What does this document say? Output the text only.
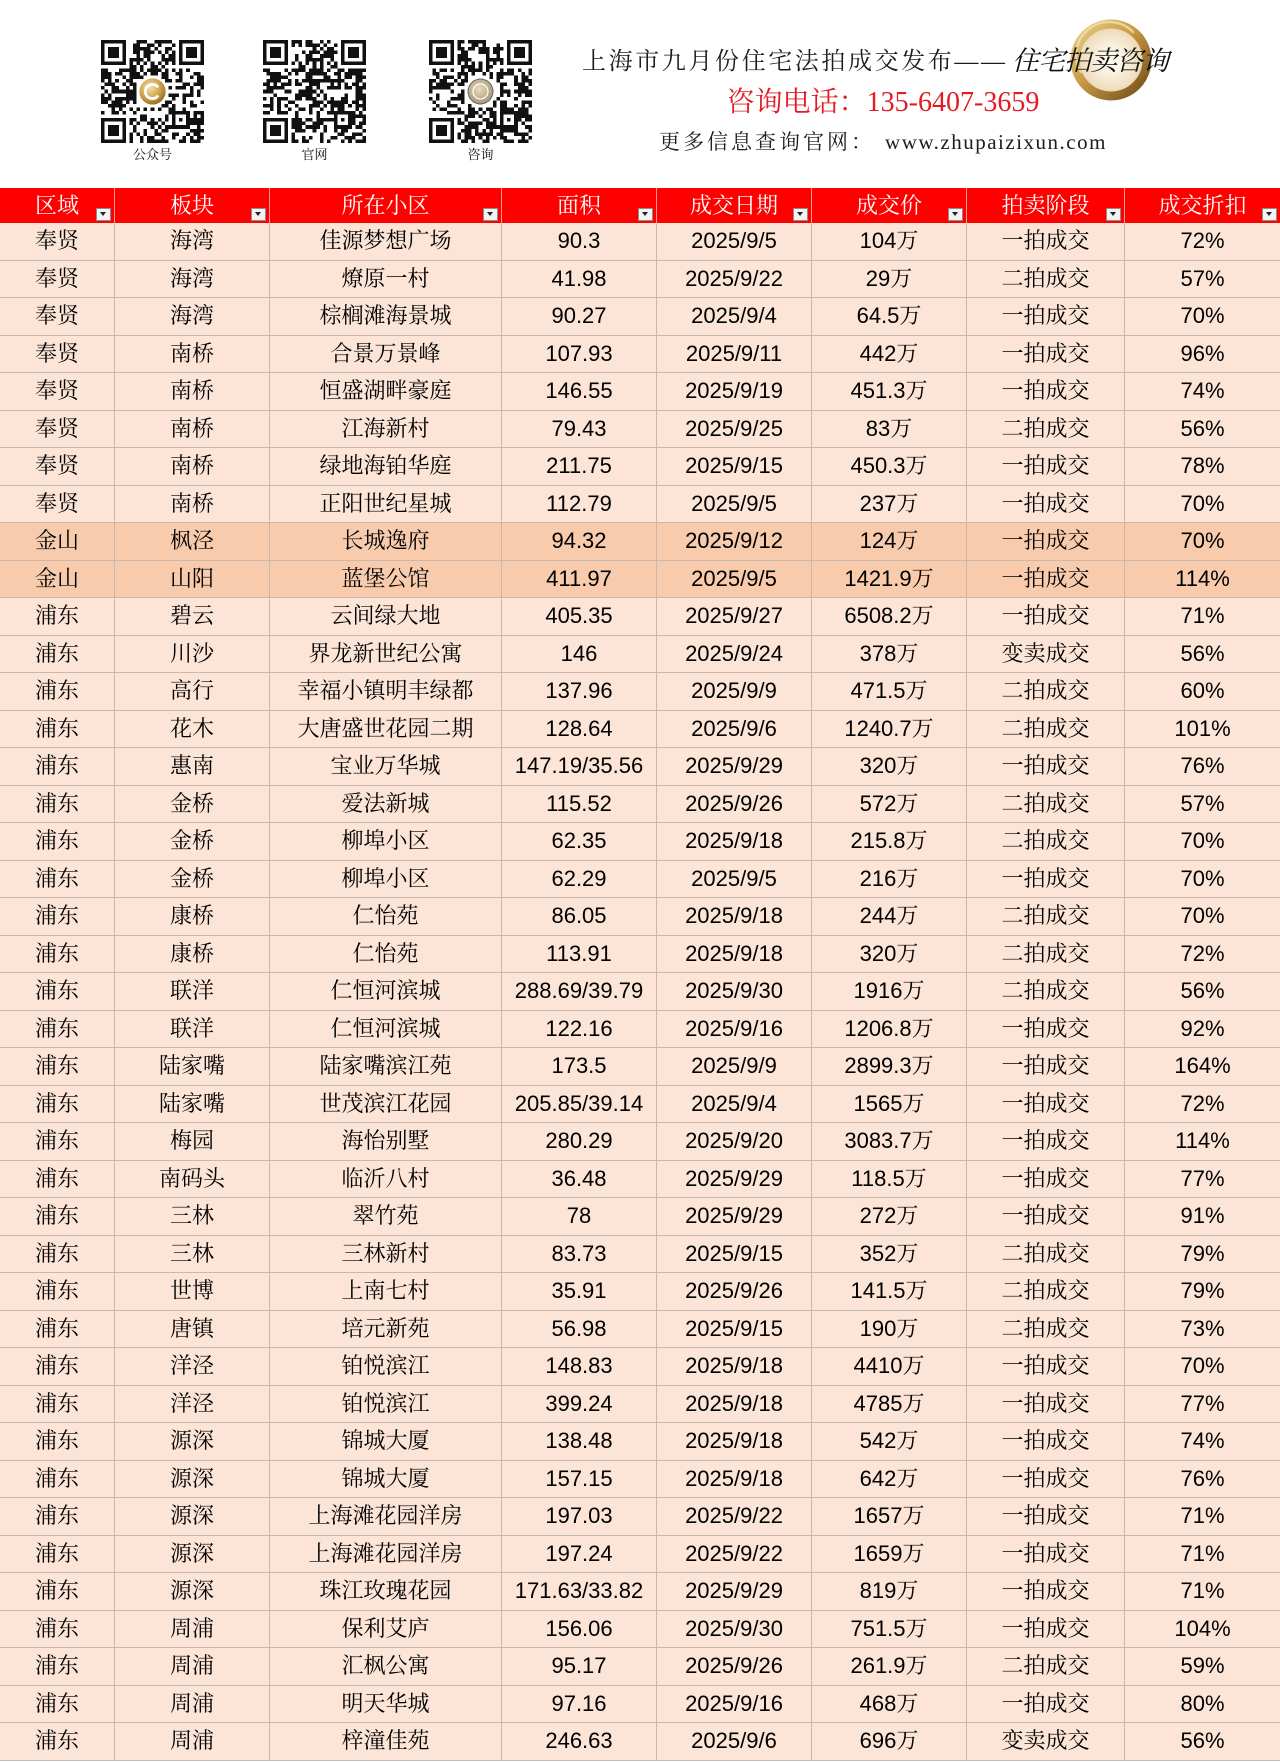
公众号	官网	咨询
上海市九月份住宅法拍成交发布—— 住宅拍卖咨询
咨询电话：135-6407-3659
更多信息查询官网： www.zhupaizixun.com
区域	板块	所在小区	面积	成交日期	成交价	拍卖阶段	成交折扣
奉贤	海湾	佳源梦想广场	90.3	2025/9/5	104万	一拍成交	72%
奉贤	海湾	燎原一村	41.98	2025/9/22	29万	二拍成交	57%
奉贤	海湾	棕榈滩海景城	90.27	2025/9/4	64.5万	一拍成交	70%
奉贤	南桥	合景万景峰	107.93	2025/9/11	442万	一拍成交	96%
奉贤	南桥	恒盛湖畔豪庭	146.55	2025/9/19	451.3万	一拍成交	74%
奉贤	南桥	江海新村	79.43	2025/9/25	83万	二拍成交	56%
奉贤	南桥	绿地海铂华庭	211.75	2025/9/15	450.3万	一拍成交	78%
奉贤	南桥	正阳世纪星城	112.79	2025/9/5	237万	一拍成交	70%
金山	枫泾	长城逸府	94.32	2025/9/12	124万	一拍成交	70%
金山	山阳	蓝堡公馆	411.97	2025/9/5	1421.9万	一拍成交	114%
浦东	碧云	云间绿大地	405.35	2025/9/27	6508.2万	一拍成交	71%
浦东	川沙	界龙新世纪公寓	146	2025/9/24	378万	变卖成交	56%
浦东	高行	幸福小镇明丰绿都	137.96	2025/9/9	471.5万	二拍成交	60%
浦东	花木	大唐盛世花园二期	128.64	2025/9/6	1240.7万	二拍成交	101%
浦东	惠南	宝业万华城	147.19/35.56	2025/9/29	320万	一拍成交	76%
浦东	金桥	爱法新城	115.52	2025/9/26	572万	二拍成交	57%
浦东	金桥	柳埠小区	62.35	2025/9/18	215.8万	二拍成交	70%
浦东	金桥	柳埠小区	62.29	2025/9/5	216万	一拍成交	70%
浦东	康桥	仁怡苑	86.05	2025/9/18	244万	二拍成交	70%
浦东	康桥	仁怡苑	113.91	2025/9/18	320万	二拍成交	72%
浦东	联洋	仁恒河滨城	288.69/39.79	2025/9/30	1916万	二拍成交	56%
浦东	联洋	仁恒河滨城	122.16	2025/9/16	1206.8万	一拍成交	92%
浦东	陆家嘴	陆家嘴滨江苑	173.5	2025/9/9	2899.3万	一拍成交	164%
浦东	陆家嘴	世茂滨江花园	205.85/39.14	2025/9/4	1565万	一拍成交	72%
浦东	梅园	海怡别墅	280.29	2025/9/20	3083.7万	一拍成交	114%
浦东	南码头	临沂八村	36.48	2025/9/29	118.5万	一拍成交	77%
浦东	三林	翠竹苑	78	2025/9/29	272万	一拍成交	91%
浦东	三林	三林新村	83.73	2025/9/15	352万	二拍成交	79%
浦东	世博	上南七村	35.91	2025/9/26	141.5万	二拍成交	79%
浦东	唐镇	培元新苑	56.98	2025/9/15	190万	二拍成交	73%
浦东	洋泾	铂悦滨江	148.83	2025/9/18	4410万	一拍成交	70%
浦东	洋泾	铂悦滨江	399.24	2025/9/18	4785万	一拍成交	77%
浦东	源深	锦城大厦	138.48	2025/9/18	542万	一拍成交	74%
浦东	源深	锦城大厦	157.15	2025/9/18	642万	一拍成交	76%
浦东	源深	上海滩花园洋房	197.03	2025/9/22	1657万	一拍成交	71%
浦东	源深	上海滩花园洋房	197.24	2025/9/22	1659万	一拍成交	71%
浦东	源深	珠江玫瑰花园	171.63/33.82	2025/9/29	819万	一拍成交	71%
浦东	周浦	保利艾庐	156.06	2025/9/30	751.5万	一拍成交	104%
浦东	周浦	汇枫公寓	95.17	2025/9/26	261.9万	二拍成交	59%
浦东	周浦	明天华城	97.16	2025/9/16	468万	一拍成交	80%
浦东	周浦	梓潼佳苑	246.63	2025/9/6	696万	变卖成交	56%
